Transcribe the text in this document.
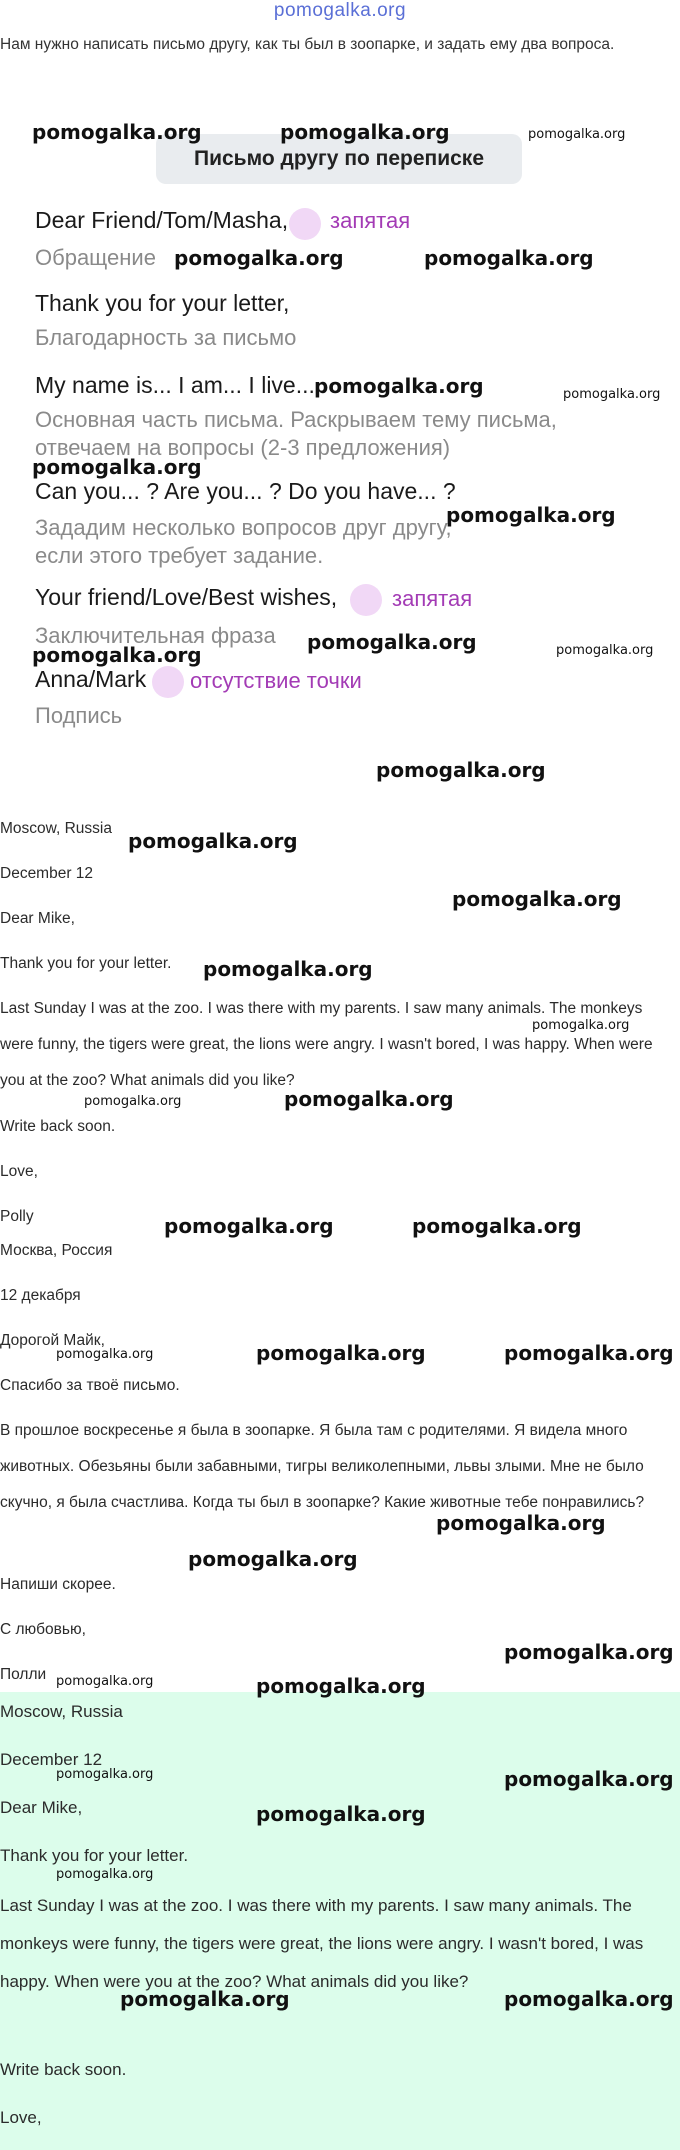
pomogalka.org
Нам нужно написать письмо другу, как ты был в зоопарке, и задать ему два вопроса.
Письмо другу по переписке
Dear Friend/Tom/Masha, запятая
Обращение
Thank you for your letter,
Благодарность за письмо
My name is... I am... I live...
Основная часть письма. Раскрываем тему письма, отвечаем на вопросы (2-3 предложения)
Can you... ? Are you... ? Do you have... ?
Зададим несколько вопросов друг другу, если этого требует задание.
Your friend/Love/Best wishes, запятая
Заключительная фраза
Anna/Mark отсутствие точки
Подпись
Moscow, Russia
December 12
Dear Mike,
Thank you for your letter.
Last Sunday I was at the zoo. I was there with my parents. I saw many animals. The monkeys were funny, the tigers were great, the lions were angry. I wasn't bored, I was happy. When were you at the zoo? What animals did you like?
Write back soon.
Love,
Polly
Москва, Россия
12 декабря
Дорогой Майк,
Спасибо за твоё письмо.
В прошлое воскресенье я была в зоопарке. Я была там с родителями. Я видела много животных. Обезьяны были забавными, тигры великолепными, львы злыми. Мне не было скучно, я была счастлива. Когда ты был в зоопарке? Какие животные тебе понравились?
Напиши скорее.
С любовью,
Полли
Moscow, Russia
December 12
Dear Mike,
Thank you for your letter.
Last Sunday I was at the zoo. I was there with my parents. I saw many animals. The monkeys were funny, the tigers were great, the lions were angry. I wasn't bored, I was happy. When were you at the zoo? What animals did you like?
Write back soon.
Love,
pomogalka.org	pomogalka.org	pomogalka.org
pomogalka.org	pomogalka.org
pomogalka.org	pomogalka.org
pomogalka.org
pomogalka.org
pomogalka.org	pomogalka.org
pomogalka.org
pomogalka.org
pomogalka.org
pomogalka.org
pomogalka.org
pomogalka.org
pomogalka.org
pomogalka.org
pomogalka.org	pomogalka.org
pomogalka.org	pomogalka.org	pomogalka.org
pomogalka.org
pomogalka.org
pomogalka.org
pomogalka.org	pomogalka.org
pomogalka.org	pomogalka.org
pomogalka.org
pomogalka.org
pomogalka.org	pomogalka.org
